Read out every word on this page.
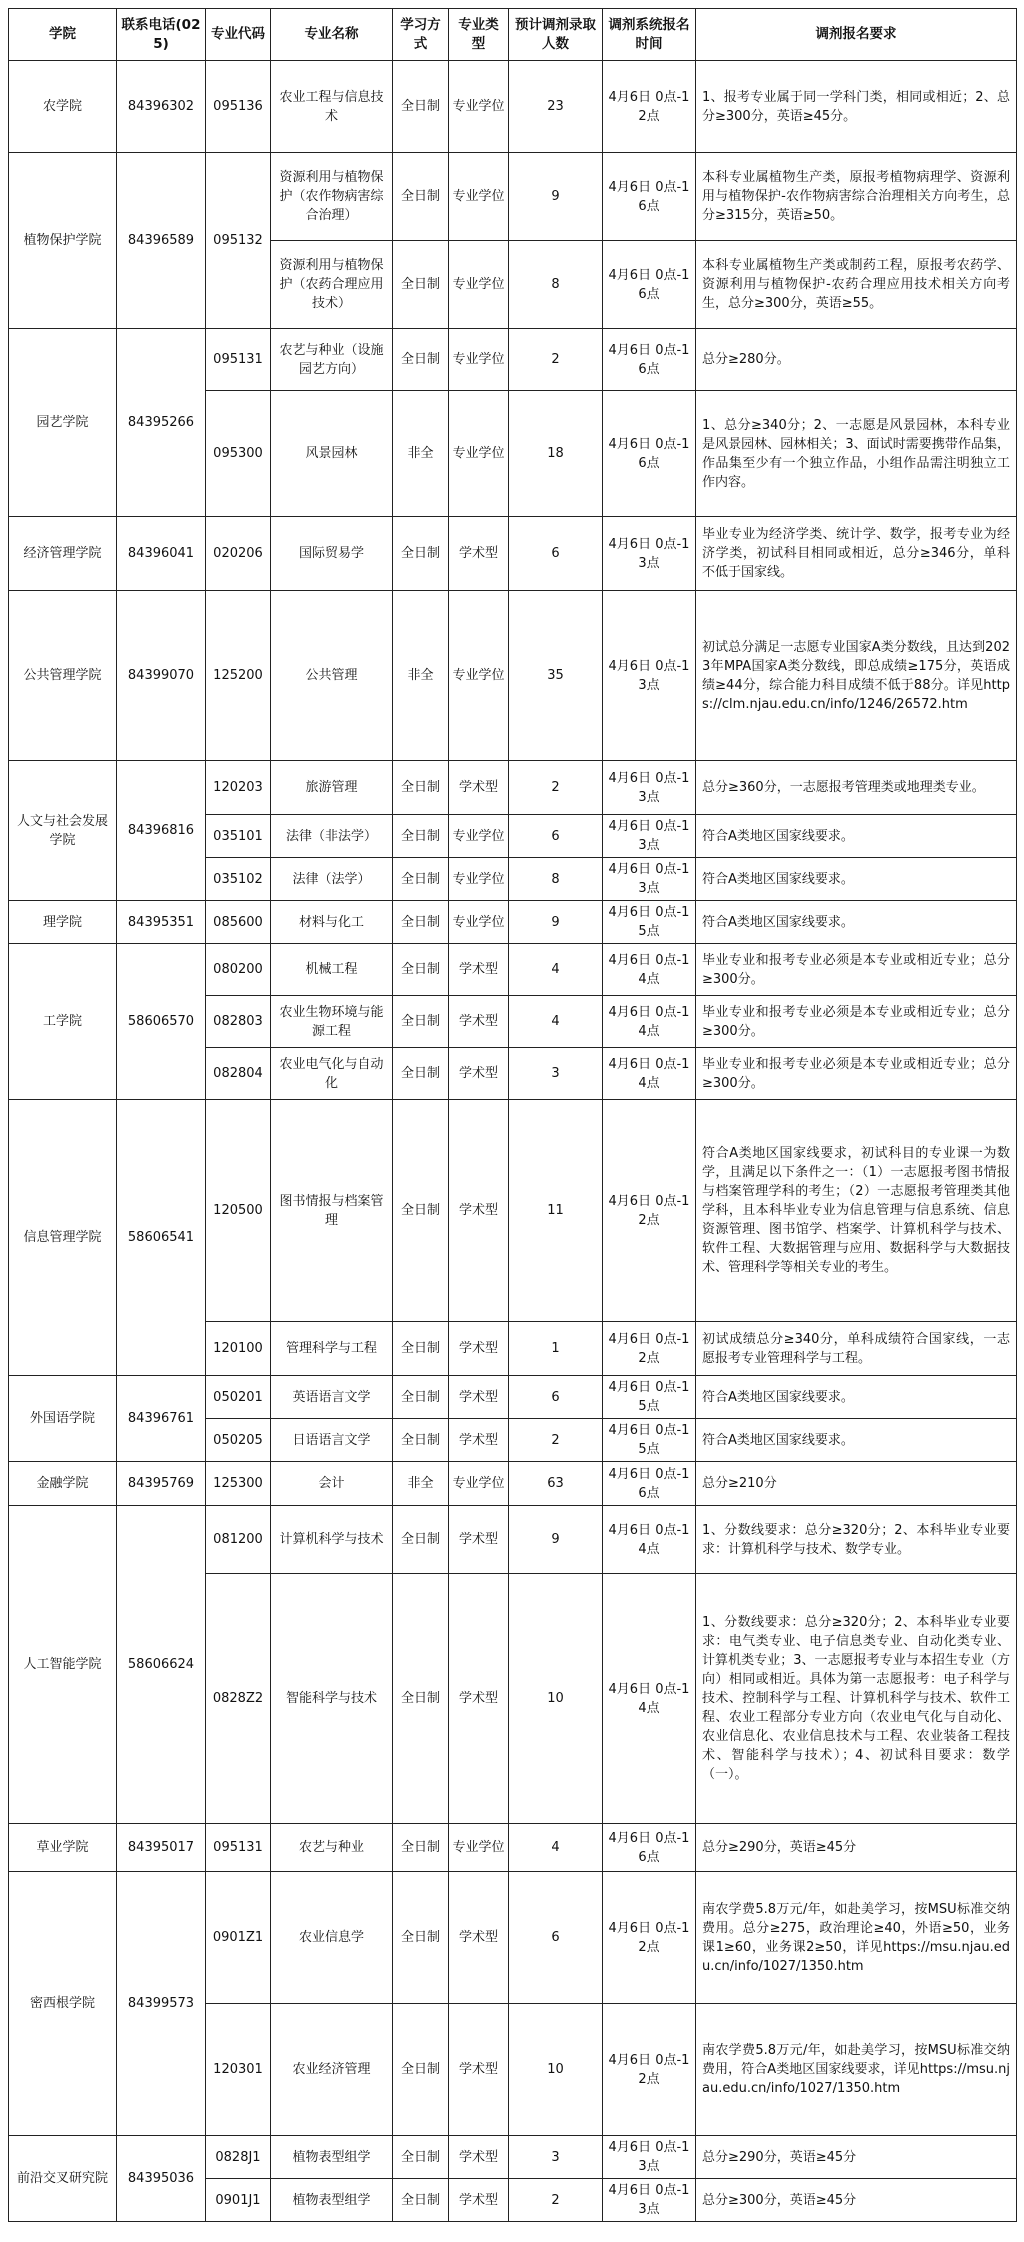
学院	联系电话(025)	专业代码	专业名称	学习方式	专业类型	预计调剂录取人数	调剂系统报名时间	调剂报名要求
农学院	84396302	095136	农业工程与信息技术	全日制	专业学位	23	4月6日 0点-12点	1、报考专业属于同一学科门类，相同或相近；2、总分≥300分，英语≥45分。
植物保护学院	84396589	095132	资源利用与植物保护（农作物病害综合治理）	全日制	专业学位	9	4月6日 0点-16点	本科专业属植物生产类，原报考植物病理学、资源利用与植物保护-农作物病害综合治理相关方向考生，总分≥315分，英语≥50。
			资源利用与植物保护（农药合理应用技术）	全日制	专业学位	8	4月6日 0点-16点	本科专业属植物生产类或制药工程，原报考农药学、资源利用与植物保护-农药合理应用技术相关方向考生，总分≥300分，英语≥55。
园艺学院	84395266	095131	农艺与种业（设施园艺方向）	全日制	专业学位	2	4月6日 0点-16点	总分≥280分。
		095300	风景园林	非全	专业学位	18	4月6日 0点-16点	1、总分≥340分；2、一志愿是风景园林，本科专业是风景园林、园林相关；3、面试时需要携带作品集，作品集至少有一个独立作品，小组作品需注明独立工作内容。
经济管理学院	84396041	020206	国际贸易学	全日制	学术型	6	4月6日 0点-13点	毕业专业为经济学类、统计学、数学，报考专业为经济学类，初试科目相同或相近，总分≥346分，单科不低于国家线。
公共管理学院	84399070	125200	公共管理	非全	专业学位	35	4月6日 0点-13点	初试总分满足一志愿专业国家A类分数线，且达到2023年MPA国家A类分数线，即总成绩≥175分，英语成绩≥44分，综合能力科目成绩不低于88分。详见https://clm.njau.edu.cn/info/1246/26572.htm
人文与社会发展学院	84396816	120203	旅游管理	全日制	学术型	2	4月6日 0点-13点	总分≥360分，一志愿报考管理类或地理类专业。
		035101	法律（非法学）	全日制	专业学位	6	4月6日 0点-13点	符合A类地区国家线要求。
		035102	法律（法学）	全日制	专业学位	8	4月6日 0点-13点	符合A类地区国家线要求。
理学院	84395351	085600	材料与化工	全日制	专业学位	9	4月6日 0点-15点	符合A类地区国家线要求。
工学院	58606570	080200	机械工程	全日制	学术型	4	4月6日 0点-14点	毕业专业和报考专业必须是本专业或相近专业；总分≥300分。
		082803	农业生物环境与能源工程	全日制	学术型	4	4月6日 0点-14点	毕业专业和报考专业必须是本专业或相近专业；总分≥300分。
		082804	农业电气化与自动化	全日制	学术型	3	4月6日 0点-14点	毕业专业和报考专业必须是本专业或相近专业；总分≥300分。
信息管理学院	58606541	120500	图书情报与档案管理	全日制	学术型	11	4月6日 0点-12点	符合A类地区国家线要求，初试科目的专业课一为数学，且满足以下条件之一：（1）一志愿报考图书情报与档案管理学科的考生；（2）一志愿报考管理类其他学科，且本科毕业专业为信息管理与信息系统、信息资源管理、图书馆学、档案学、计算机科学与技术、软件工程、大数据管理与应用、数据科学与大数据技术、管理科学等相关专业的考生。
		120100	管理科学与工程	全日制	学术型	1	4月6日 0点-12点	初试成绩总分≥340分，单科成绩符合国家线，一志愿报考专业管理科学与工程。
外国语学院	84396761	050201	英语语言文学	全日制	学术型	6	4月6日 0点-15点	符合A类地区国家线要求。
		050205	日语语言文学	全日制	学术型	2	4月6日 0点-15点	符合A类地区国家线要求。
金融学院	84395769	125300	会计	非全	专业学位	63	4月6日 0点-16点	总分≥210分
人工智能学院	58606624	081200	计算机科学与技术	全日制	学术型	9	4月6日 0点-14点	1、分数线要求：总分≥320分；2、本科毕业专业要求：计算机科学与技术、数学专业。
		0828Z2	智能科学与技术	全日制	学术型	10	4月6日 0点-14点	1、分数线要求：总分≥320分；2、本科毕业专业要求：电气类专业、电子信息类专业、自动化类专业、计算机类专业；3、一志愿报考专业与本招生专业（方向）相同或相近。具体为第一志愿报考：电子科学与技术、控制科学与工程、计算机科学与技术、软件工程、农业工程部分专业方向（农业电气化与自动化、农业信息化、农业信息技术与工程、农业装备工程技术、智能科学与技术）；4、初试科目要求：数学（一）。
草业学院	84395017	095131	农艺与种业	全日制	专业学位	4	4月6日 0点-16点	总分≥290分，英语≥45分
密西根学院	84399573	0901Z1	农业信息学	全日制	学术型	6	4月6日 0点-12点	南农学费5.8万元/年，如赴美学习，按MSU标准交纳费用。总分≥275，政治理论≥40，外语≥50，业务课1≥60，业务课2≥50，详见https://msu.njau.edu.cn/info/1027/1350.htm
		120301	农业经济管理	全日制	学术型	10	4月6日 0点-12点	南农学费5.8万元/年，如赴美学习，按MSU标准交纳费用，符合A类地区国家线要求，详见https://msu.njau.edu.cn/info/1027/1350.htm
前沿交叉研究院	84395036	0828J1	植物表型组学	全日制	学术型	3	4月6日 0点-13点	总分≥290分，英语≥45分
		0901J1	植物表型组学	全日制	学术型	2	4月6日 0点-13点	总分≥300分，英语≥45分
